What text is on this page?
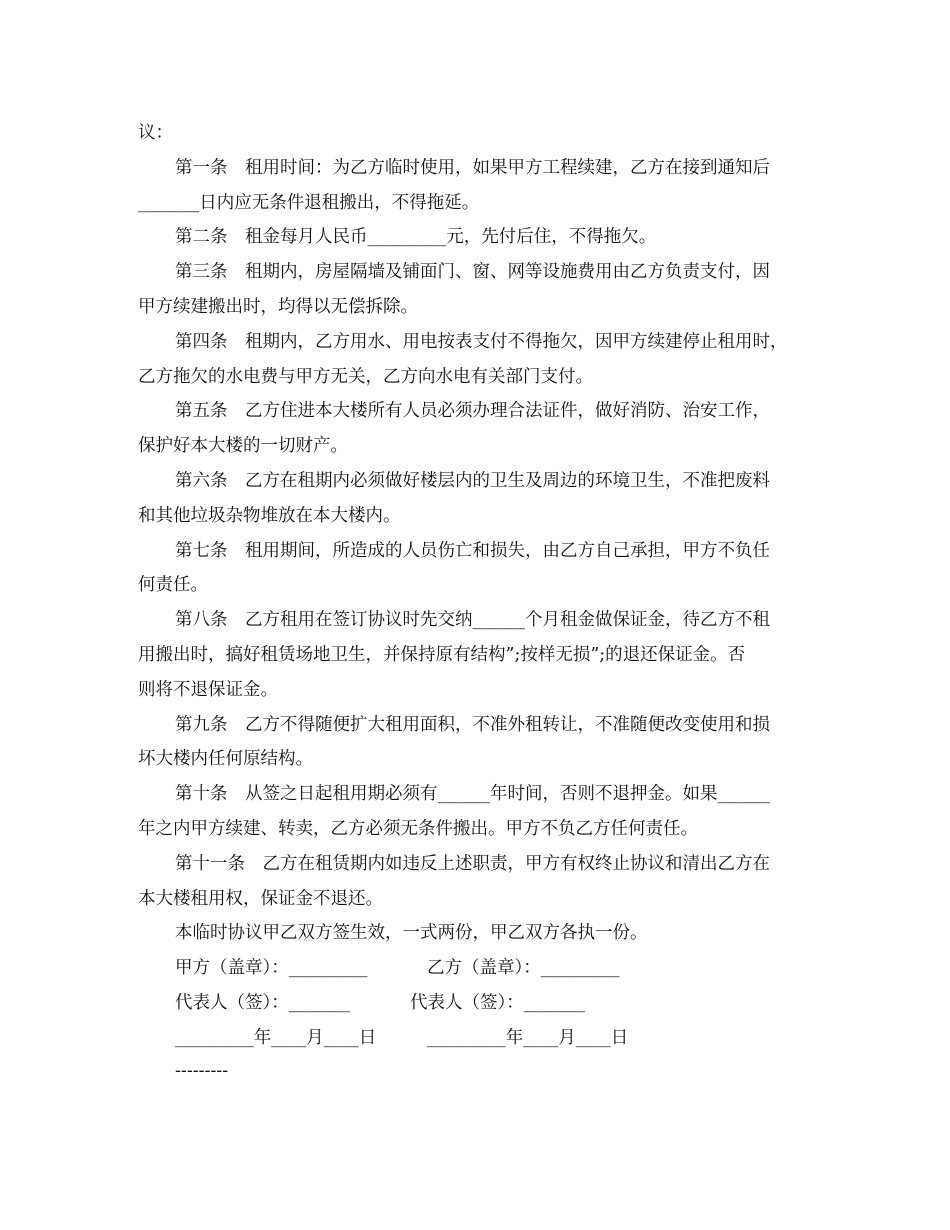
议：
第一条　租用时间：为乙方临时使用，如果甲方工程续建，乙方在接到通知后
_______日内应无条件退租搬出，不得拖延。
第二条　租金每月人民币_________元，先付后住，不得拖欠。
第三条　租期内，房屋隔墙及铺面门、窗、网等设施费用由乙方负责支付，因
甲方续建搬出时，均得以无偿拆除。
第四条　租期内，乙方用水、用电按表支付不得拖欠，因甲方续建停止租用时，
乙方拖欠的水电费与甲方无关，乙方向水电有关部门支付。
第五条　乙方住进本大楼所有人员必须办理合法证件，做好消防、治安工作，
保护好本大楼的一切财产。
第六条　乙方在租期内必须做好楼层内的卫生及周边的环境卫生，不准把废料
和其他垃圾杂物堆放在本大楼内。
第七条　租用期间，所造成的人员伤亡和损失，由乙方自己承担，甲方不负任
何责任。
第八条　乙方租用在签订协议时先交纳______个月租金做保证金，待乙方不租
用搬出时，搞好租赁场地卫生，并保持原有结构”;按样无损”;的退还保证金。否
则将不退保证金。
第九条　乙方不得随便扩大租用面积，不准外租转让，不准随便改变使用和损
坏大楼内任何原结构。
第十条　从签之日起租用期必须有______年时间，否则不退押金。如果______
年之内甲方续建、转卖，乙方必须无条件搬出。甲方不负乙方任何责任。
第十一条　乙方在租赁期内如违反上述职责，甲方有权终止协议和清出乙方在
本大楼租用权，保证金不退还。
本临时协议甲乙双方签生效，一式两份，甲乙双方各执一份。
甲方（盖章）：_________	乙方（盖章）：_________
代表人（签）：_______	代表人（签）：_______
_________年____月____日	_________年____月____日
---------
